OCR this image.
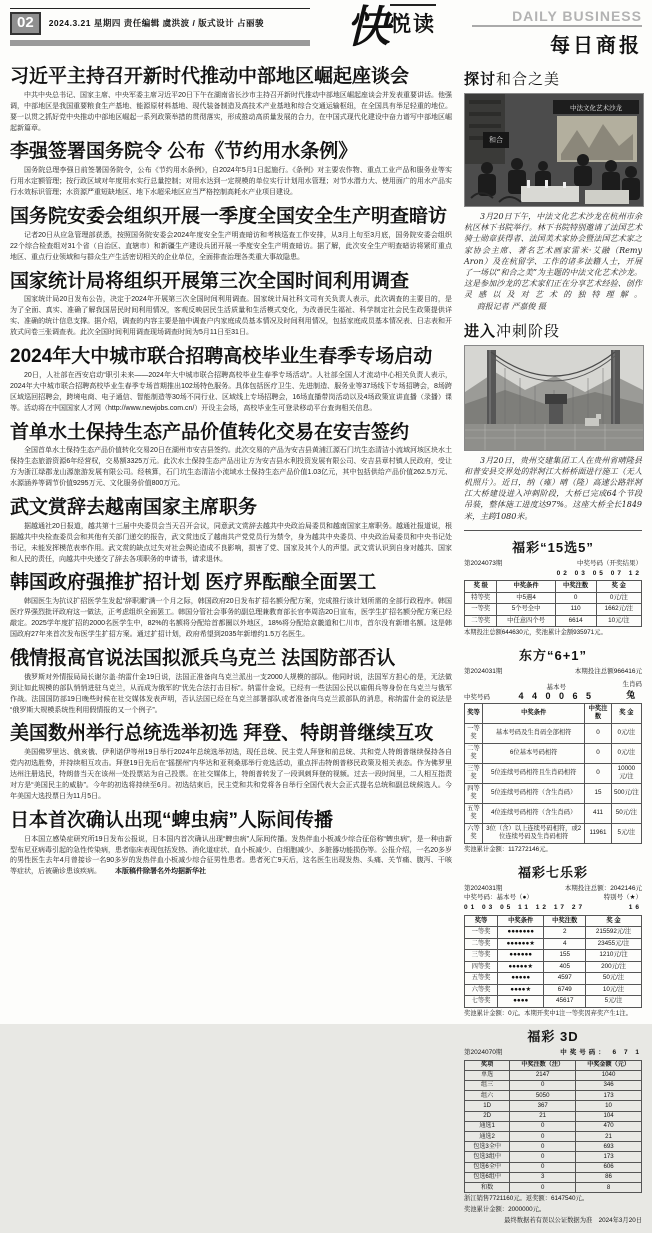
02	2024.3.21 星期四 责任编辑 虞洪波 / 版式设计 占丽骏 快 悦读	DAILY BUSINESS
每日商报
习近平主持召开新时代推动中部地区崛起座谈会

中共中央总书记、国家主席、中央军委主席习近平20日下午在湖南省长沙市主持召开新时代推动中部地区崛起座谈会并发表重要讲话。他强调，中部地区是我国重要粮食生产基地、能源原材料基地、现代装备制造及高技术产业基地和综合交通运输枢纽，在全国具有举足轻重的地位。要一以贯之抓好党中央推动中部地区崛起一系列政策举措的贯彻落实，形成推动高质量发展的合力，在中国式现代化建设中奋力谱写中部地区崛起新篇章。

李强签署国务院令 公布《节约用水条例》

国务院总理李强日前签署国务院令，公布《节约用水条例》，自2024年5月1日起施行。《条例》对主要农作物、重点工业产品和服务业等实行用水定额管理；按行政区域对年度用水实行总量控制；对用水达到一定规模的单位实行计划用水管理；对节水潜力大、使用面广的用水产品实行水效标识管理；水资源严重短缺地区、地下水超采地区应当严格控制高耗水产业项目建设。

国务院安委会组织开展一季度全国安全生产明查暗访

记者20日从应急管理部获悉，按照国务院安委会2024年度安全生产明查暗访和考核巡查工作安排，从3月上旬至3月底，国务院安委会组织22个综合检查组对31个省（自治区、直辖市）和新疆生产建设兵团开展一季度安全生产明查暗访。据了解，此次安全生产明查暗访将紧盯重点地区、重点行业领域和与群众生产生活密切相关的企业单位，全面排查治理各类重大事故隐患。

国家统计局将组织开展第三次全国时间利用调查

国家统计局20日发布公告，决定于2024年开展第三次全国时间利用调查。国家统计局社科文司有关负责人表示，此次调查的主要目的，是为了全面、真实、准确了解我国居民时间利用情况，客观反映居民生活质量和生活模式变化，为改善民生福祉、科学制定社会民生政策提供详实、准确的统计信息支撑。据介绍，调查的内容主要是抽中调查户内家庭成员基本情况及时间利用情况，包括家庭成员基本情况表、日志表和开放式问卷三张调查表。此次全国时间利用调查现场调查时间为5月11日至31日。

2024年大中城市联合招聘高校毕业生春季专场启动

20日，人社部在西安启动“职引未来——2024年大中城市联合招聘高校毕业生春季专场活动”。人社部全国人才流动中心相关负责人表示，2024年大中城市联合招聘高校毕业生春季专场首期推出102场特色服务。具体包括医疗卫生、先进制造、服务业等37场线下专场招聘会，8场跨区域巡回招聘会，跨境电商、电子通信、智能制造等30场不同行业、区域线上专场招聘会，16场直播带岗活动以及4场政策宣讲直播（录播）课等。活动将在中国国家人才网（http://www.newjobs.com.cn/）开设主会场，高校毕业生可登录移动平台查询相关信息。

首单水土保持生态产品价值转化交易在安吉签约

全国首单水土保持生态产品价值转化交易20日在湖州市安吉县签约。此次交易的产品为安吉县黄浦江源石门坑生态清洁小流域河垓区块水土保持生态旅游资源6年经营权，交易额3325万元。此次水土保持生态产品出让方为安吉县水利投资发展有限公司、安吉县章村镇人民政府，受让方为浙江绿郡龙山源旅游发展有限公司。经核算，石门坑生态清洁小流域水土保持生态产品价值1.03亿元，其中包括供给产品价值262.5万元、水源涵养等调节价值9295万元、文化服务价值800万元。

武文赏辞去越南国家主席职务

据越通社20日报道，越共第十三届中央委员会当天召开会议，同意武文赏辞去越共中央政治局委员和越南国家主席职务。越通社报道说，根据越共中央检查委员会和其他有关部门递交的报告，武文赏违反了越南共产党党员行为禁令，身为越共中央委员、中央政治局委员和中央书记处书记，未能发挥模范表率作用。武文赏的缺点过失对社会舆论造成不良影响，损害了党、国家及其个人的声望。武文赏认识到自身对越共、国家和人民的责任，向越共中央递交了辞去各项职务的申请书，请求退休。

韩国政府强推扩招计划 医疗界酝酿全面罢工

韩国医生为抗议扩招医学生发起“辞职潮”满一个月之际，韩国政府20日发布扩招名额分配方案，完成推行该计划所需的全部行政程序。韩国医疗界强烈批评政府这一做法，正考虑组织全面罢工。韩国分管社会事务的副总理兼教育部长官李周浩20日宣布，医学生扩招名额分配方案已经敲定。2025学年度扩招的2000名医学生中，82%的名额将分配给首都圈以外地区，18%将分配给京畿道和仁川市，首尔没有新增名额。这是韩国政府27年来首次发布医学生扩招方案。通过扩招计划，政府希望到2035年新增约1.5万名医生。

俄情报高官说法国拟派兵乌克兰 法国防部否认

俄罗斯对外情报局局长谢尔盖·纳雷什金19日说，法国正准备向乌克兰派出一支2000人规模的部队。他同时说，法国军方担心的是，无法做到让如此规模的部队悄悄进驻乌克兰，从而成为俄军的“优先合法打击目标”。纳雷什金说，已经有一些法国公民以雇佣兵等身份在乌克兰与俄军作战。法国国防部19日晚些时候在社交媒体发表声明，否认法国已经在乌克兰部署部队或者准备向乌克兰派部队的消息，称纳雷什金的说法是“俄罗斯大规模系统性利用假情报的又一个例子”。

美国数州举行总统选举初选 拜登、特朗普继续互攻

美国佛罗里达、俄亥俄、伊利诺伊等州19日举行2024年总统选举初选，现任总统、民主党人拜登和前总统、共和党人特朗普继续保持各自党内初选胜势，并持续相互攻击。拜登19日先后在“摇摆州”内华达和亚利桑那举行竞选活动，重点抨击特朗普移民政策及相关表态。作为佛罗里达州注册选民，特朗普当天在该州一处投票站为自己投票。在社交媒体上，特朗普转发了一段讽刺拜登的视频。过去一段时间里，二人相互指责对方是“美国民主的威胁”。今年的初选将持续至6月。初选结束后，民主党和共和党将各自举行全国代表大会正式提名总统和副总统候选人。今年美国大选投票日为11月5日。

日本首次确认出现“蜱虫病”人际间传播

日本国立感染症研究所19日发布公报说，日本国内首次确认出现“蜱虫病”人际间传播。发热伴血小板减少综合征俗称“蜱虫病”，是一种由新型布尼亚病毒引起的急性传染病，患者临床表现包括发热、消化道症状、血小板减少、白细胞减少、多脏器功能损伤等。公报介绍，一名20多岁的男性医生去年4月曾接诊一名90多岁的发热伴血小板减少综合征男性患者。患者死亡9天后，这名医生出现发热、头痛、关节痛、腹泻、干咳等症状，后被确诊患该疾病。 本版稿件除署名外均据新华社

探讨和合之美
和合
中法文化艺术沙龙

3月20日下午，中法文化艺术沙龙在杭州市余杭区林下书院举行。林下书院特别邀请了法国艺术骑士勋章获得者、法国美术家协会暨法国艺术家之家协会主席、著名艺术画家雷米·艾融（Remy Aron）及在杭留学、工作的诸多法籍人士，开展了一场以“和合之美”为主题的中法文化艺术沙龙。这是参加沙龙的艺术家们正在分享艺术经验、创作灵感以及对艺术的独特理解。商报记者 严嘉俊 摄

进入冲刺阶段

3月20日，贵州交建集团工人在贵州省晴隆县和普安县交界处的牂牁江大桥桥面进行施工（无人机照片）。近日，纳（雍）晴（隆）高速公路牂牁江大桥建设进入冲刺阶段，大桥已完成64个节段吊装，整体施工进度达97%。这座大桥全长1849米，主跨1080米。

福彩“15选5”
第2024073期	中奖号码（开奖结果）
02 03 05 07 12
奖 级	中奖条件	中奖注数	奖 金
特等奖	中5遇4	0	0元/注
一等奖	5个号全中	110	1662元/注
二等奖	中任意四个号	6614	10元/注

本期投注总额644630元，奖池累计金额935971元。

东方“6+1”
第2024031期	本期投注总额966416元
中奖号码
基本号
4 4 0 0 6 5
生肖码
兔
奖等	中奖条件	中奖注数	奖 金
一等奖	基本号码及生肖码全部相符	0	0元/注
二等奖	6位基本号码相符	0	0元/注
三等奖	5位连续号码相符且生肖码相符	0	10000元/注
四等奖	5位连续号码相符（含生肖码）	15	500元/注
五等奖	4位连续号码相符（含生肖码）	411	50元/注
六等奖	3位（含）以上连续号码相符，或2位连续号码及生肖码相符	11961	5元/注

奖池累计金额：117272146元。

福彩七乐彩
第2024031期	本期投注总额：2042146元
中奖号码：基本号（●）	特别号（★）
01 03 05 11 12 17 27	16
奖等	中奖条件	中奖注数	奖 金
一等奖	●●●●●●●	2	215592元/注
二等奖	●●●●●●★	4	23455元/注
三等奖	●●●●●●	155	1210元/注
四等奖	●●●●●★	405	200元/注
五等奖	●●●●●	4597	50元/注
六等奖	●●●●★	6749	10元/注
七等奖	●●●●	45617	5元/注

奖池累计金额：0元。本期开奖中1注一等奖因弃奖产生1注。

福彩 3D
第2024070期	中奖号码： 6 7 1
奖项	中奖注数（注）	中奖金额（元）
单选	2147	1040
组三	0	346
组六	5050	173
1D	367	10
2D	21	104
通选1	0	470
通选2	0	21
包选3全中	0	693
包选3组中	0	173
包选6全中	0	606
包选6组中	3	86
和数	0	8

浙江销售7721160元。返奖额：6147540元。

奖池累计金额：2000000元。

最终数据若有误以公证数据为准　2024年3月20日
